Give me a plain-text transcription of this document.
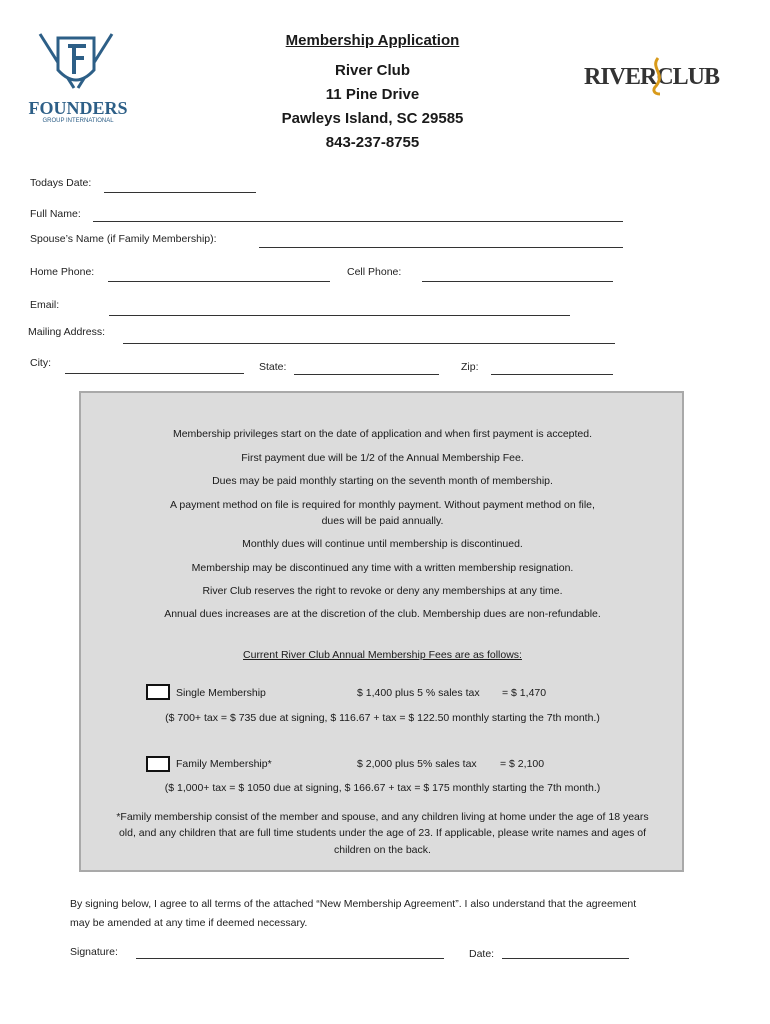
FOUNDERS
GROUP INTERNATIONAL
Membership Application
River Club
11 Pine Drive
Pawleys Island, SC 29585
843-237-8755
RIVERCLUB
Todays Date:
Full Name:
Spouse’s Name (if Family Membership):
Home Phone:	Cell Phone:
Email:
Mailing Address:
City:	State:	Zip:
Membership privileges start on the date of application and when first payment is accepted.
First payment due will be 1/2 of the Annual Membership Fee.
Dues may be paid monthly starting on the seventh month of membership.
A payment method on file is required for monthly payment. Without payment method on file,
dues will be paid annually.
Monthly dues will continue until membership is discontinued.
Membership may be discontinued any time with a written membership resignation.
River Club reserves the right to revoke or deny any memberships at any time.
Annual dues increases are at the discretion of the club. Membership dues are non-refundable.
Current River Club Annual Membership Fees are as follows:
Single Membership	$ 1,400 plus 5 % sales tax = $ 1,470
($ 700+ tax = $ 735 due at signing, $ 116.67 + tax = $ 122.50 monthly starting the 7th month.)
Family Membership*	$ 2,000 plus 5% sales tax = $ 2,100
($ 1,000+ tax = $ 1050 due at signing, $ 166.67 + tax = $ 175 monthly starting the 7th month.)
*Family membership consist of the member and spouse, and any children living at home under the age of 18 years
old, and any children that are full time students under the age of 23. If applicable, please write names and ages of
children on the back.
By signing below, I agree to all terms of the attached “New Membership Agreement”. I also understand that the agreement
may be amended at any time if deemed necessary.
Signature:	Date:
